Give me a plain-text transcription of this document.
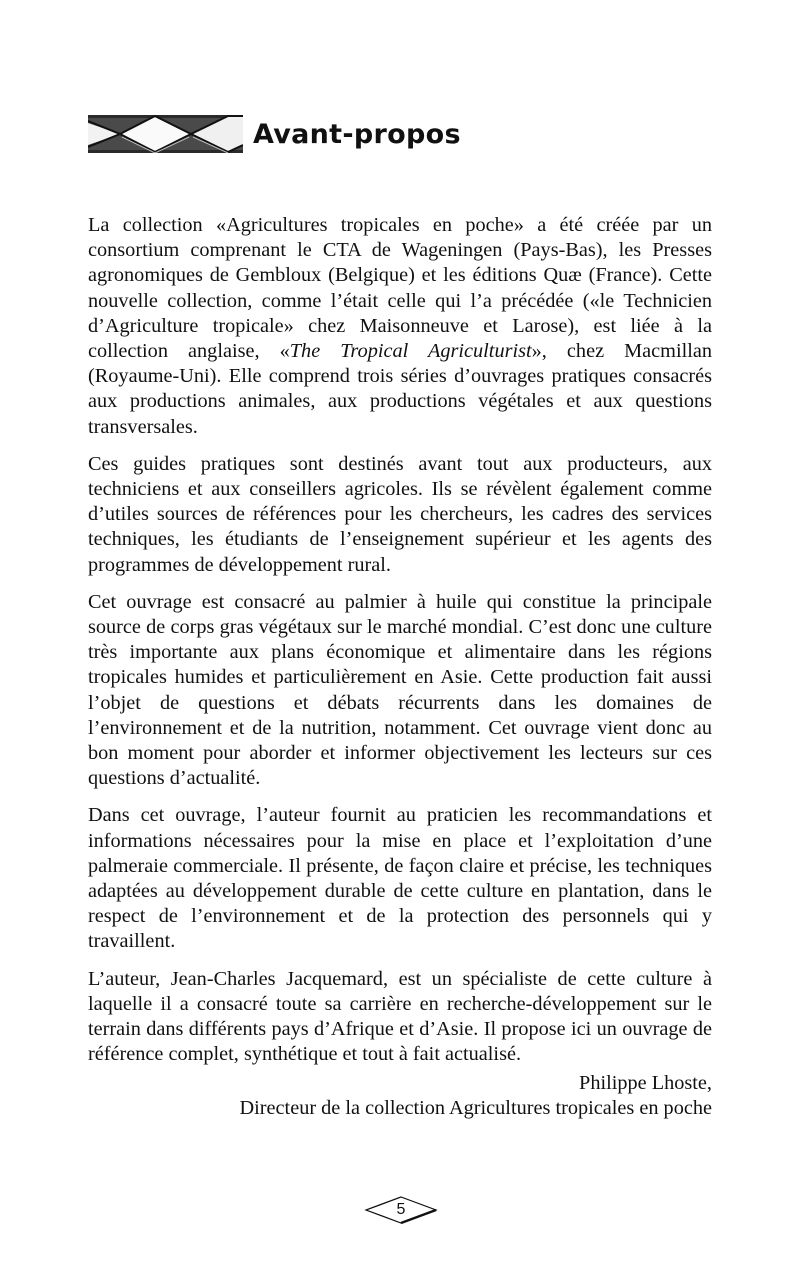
Avant-propos

La collection «Agricultures tropicales en poche» a été créée par un consortium comprenant le CTA de Wageningen (Pays-Bas), les Presses agronomiques de Gembloux (Belgique) et les éditions Quæ (France). Cette nouvelle collection, comme l’était celle qui l’a précédée («le Technicien d’Agriculture tropicale» chez Maisonneuve et Larose), est liée à la collection anglaise, «The Tropical Agriculturist», chez Macmillan (Royaume-Uni). Elle comprend trois séries d’ouvrages pratiques consacrés aux productions animales, aux productions végétales et aux questions transversales.

Ces guides pratiques sont destinés avant tout aux producteurs, aux techniciens et aux conseillers agricoles. Ils se révèlent également comme d’utiles sources de références pour les chercheurs, les cadres des services techniques, les étudiants de l’enseignement supérieur et les agents des programmes de développement rural.

Cet ouvrage est consacré au palmier à huile qui constitue la principale source de corps gras végétaux sur le marché mondial. C’est donc une culture très importante aux plans économique et alimentaire dans les régions tropicales humides et particulièrement en Asie. Cette production fait aussi l’objet de questions et débats récurrents dans les domaines de l’environnement et de la nutrition, notamment. Cet ouvrage vient donc au bon moment pour aborder et informer objectivement les lecteurs sur ces questions d’actualité.

Dans cet ouvrage, l’auteur fournit au praticien les recommandations et informations nécessaires pour la mise en place et l’exploitation d’une palmeraie commerciale. Il présente, de façon claire et précise, les techniques adaptées au développement durable de cette culture en plantation, dans le respect de l’environnement et de la protection des personnels qui y travaillent.

L’auteur, Jean-Charles Jacquemard, est un spécialiste de cette culture à laquelle il a consacré toute sa carrière en recherche-développement sur le terrain dans différents pays d’Afrique et d’Asie. Il propose ici un ouvrage de référence complet, synthétique et tout à fait actualisé.

Philippe Lhoste,
Directeur de la collection Agricultures tropicales en poche
5
